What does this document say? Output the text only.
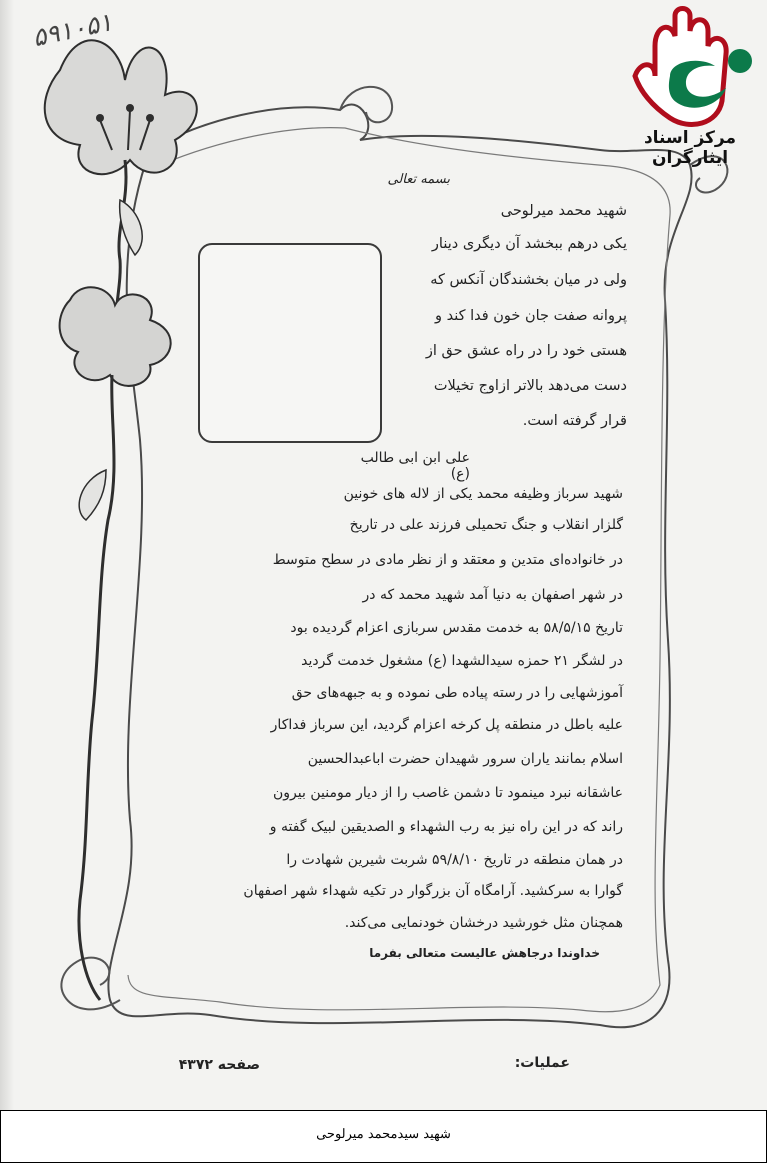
۵۹۱۰۵۱
مرکز اسناد ایثارگران
بسمه تعالی
شهید محمد میرلوحی
یکی درهم ببخشد آن دیگری دینار
ولی در میان بخشندگان آنکس که
پروانه صفت جان خون فدا کند و
هستی خود را در راه عشق حق از
دست می‌دهد بالاتر ازاوج تخیلات
قرار گرفته است.
علی ابن ابی طالب (ع)
شهید سرباز وظیفه محمد یکی از لاله های خونین
گلزار انقلاب و جنگ تحمیلی فرزند علی در تاریخ
در خانواده‌ای متدین و معتقد و از نظر مادی در سطح متوسط
در شهر اصفهان به دنیا آمد شهید محمد که در
تاریخ ۵۸/۵/۱۵ به خدمت مقدس سربازی اعزام گردیده بود
در لشگر ۲۱ حمزه سیدالشهدا (ع) مشغول خدمت گردید
آموزشهایی را در رسته پیاده طی نموده و به جبهه‌های حق
علیه باطل در منطقه پل کرخه اعزام گردید، این سرباز فداکار
اسلام بمانند یاران سرور شهیدان حضرت اباعبدالحسین
عاشقانه نبرد مینمود تا دشمن غاصب را از دیار مومنین بیرون
راند که در این راه نیز به رب الشهداء و الصدیقین لبیک گفته و
در همان منطقه در تاریخ ۵۹/۸/۱۰ شربت شیرین شهادت را
گوارا به سرکشید. آرامگاه آن بزرگوار در تکیه شهداء شهر اصفهان
همچنان مثل خورشید درخشان خودنمایی می‌کند.
خداوندا درجاهش عالیست متعالی بفرما
عملیات:
صفحه ۴۳۷۲
شهید سیدمحمد میرلوحی
